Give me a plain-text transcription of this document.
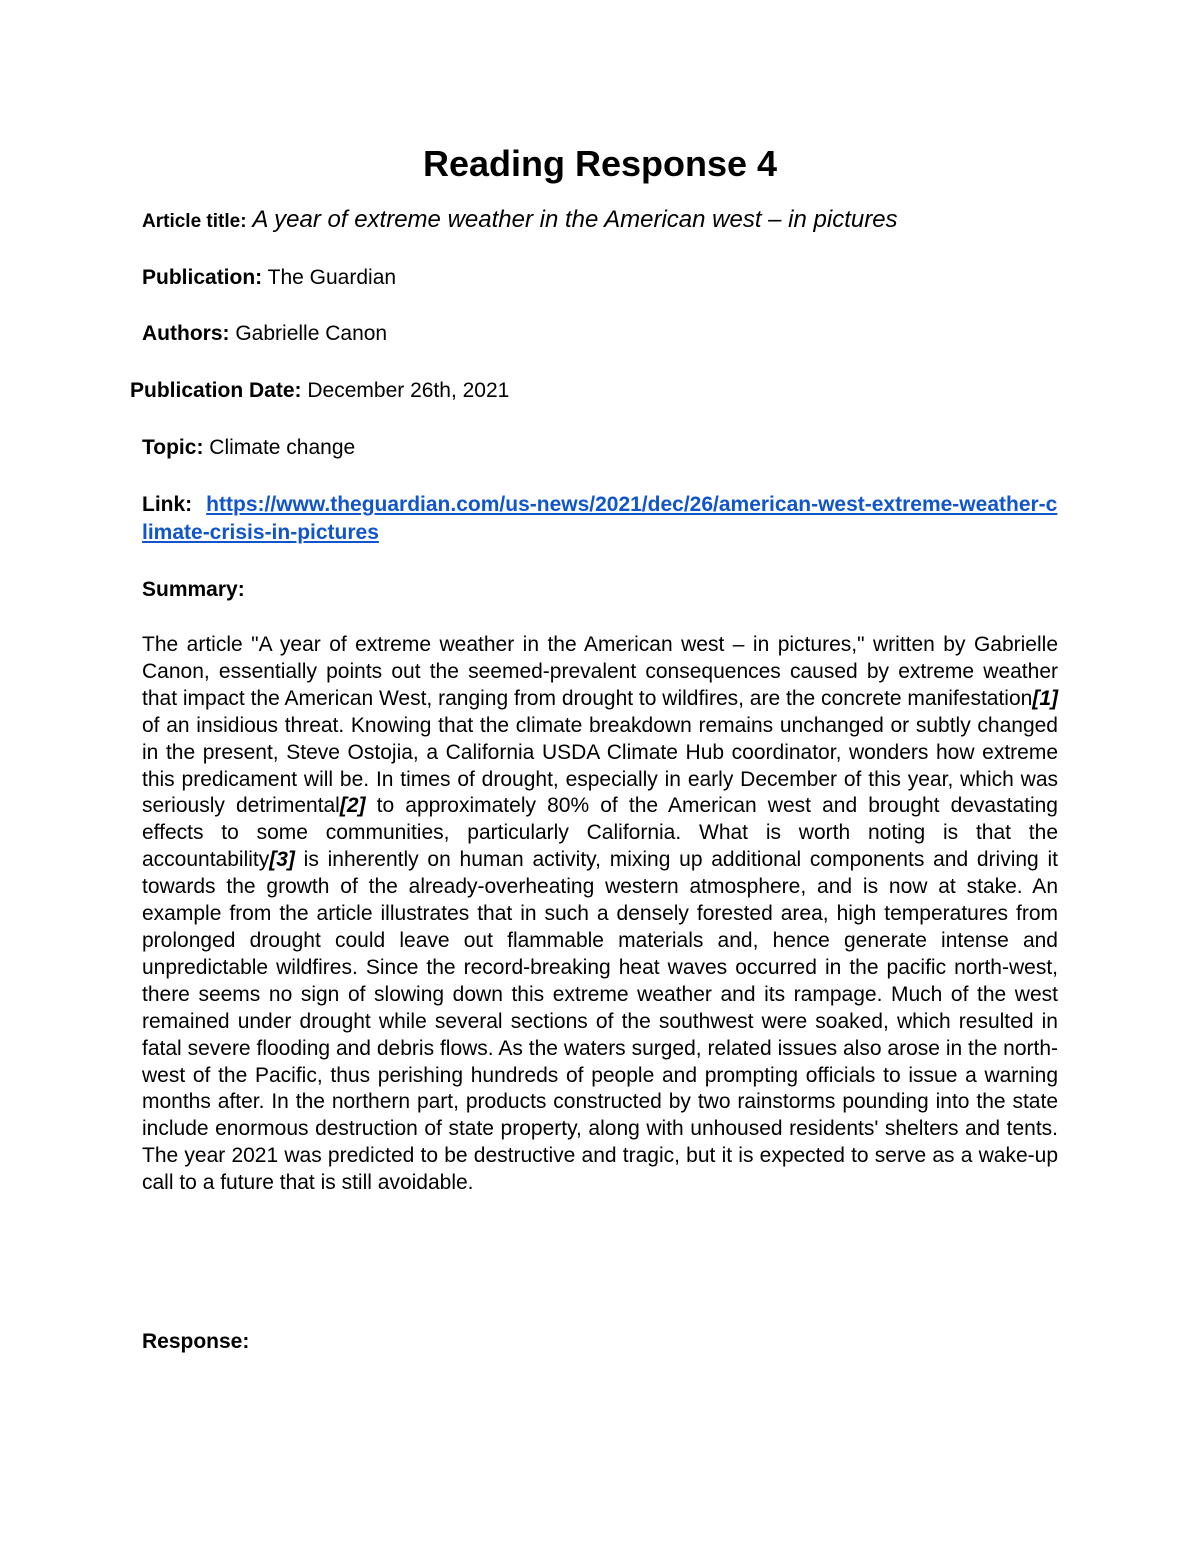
Reading Response 4
Article title: A year of extreme weather in the American west – in pictures
Publication: The Guardian
Authors: Gabrielle Canon
Publication Date: December 26th, 2021
Topic: Climate change
Link: https://www.theguardian.com/us-news/2021/dec/26/american-west-extreme-weather-climate-crisis-in-pictures
Summary:
The article "A year of extreme weather in the American west – in pictures," written by Gabrielle Canon, essentially points out the seemed-prevalent consequences caused by extreme weather that impact the American West, ranging from drought to wildfires, are the concrete manifestation[1] of an insidious threat. Knowing that the climate breakdown remains unchanged or subtly changed in the present, Steve Ostojia, a California USDA Climate Hub coordinator, wonders how extreme this predicament will be. In times of drought, especially in early December of this year, which was seriously detrimental[2] to approximately 80% of the American west and brought devastating effects to some communities, particularly California. What is worth noting is that the accountability[3] is inherently on human activity, mixing up additional components and driving it towards the growth of the already-overheating western atmosphere, and is now at stake. An example from the article illustrates that in such a densely forested area, high temperatures from prolonged drought could leave out flammable materials and, hence generate intense and unpredictable wildfires. Since the record-breaking heat waves occurred in the pacific north-west, there seems no sign of slowing down this extreme weather and its rampage. Much of the west remained under drought while several sections of the southwest were soaked, which resulted in fatal severe flooding and debris flows. As the waters surged, related issues also arose in the north-west of the Pacific, thus perishing hundreds of people and prompting officials to issue a warning months after. In the northern part, products constructed by two rainstorms pounding into the state include enormous destruction of state property, along with unhoused residents' shelters and tents. The year 2021 was predicted to be destructive and tragic, but it is expected to serve as a wake-up call to a future that is still avoidable.
Response:
